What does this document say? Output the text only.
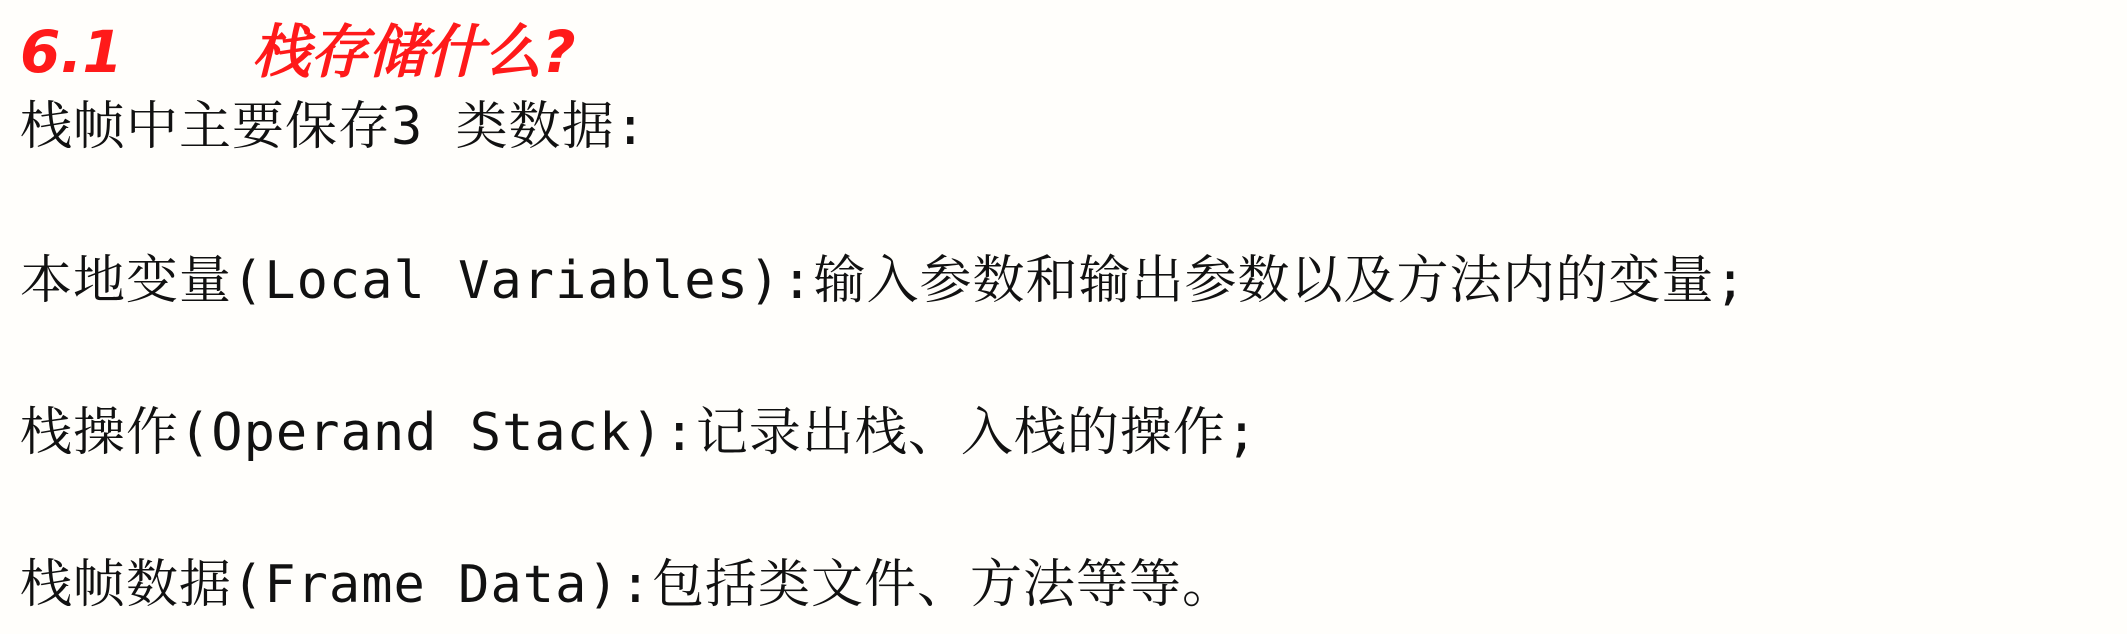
6.1 栈存储什么?
栈帧中主要保存3 类数据:
本地变量(Local Variables):输入参数和输出参数以及方法内的变量;
栈操作(Operand Stack):记录出栈、入栈的操作;
栈帧数据(Frame Data):包括类文件、方法等等。
